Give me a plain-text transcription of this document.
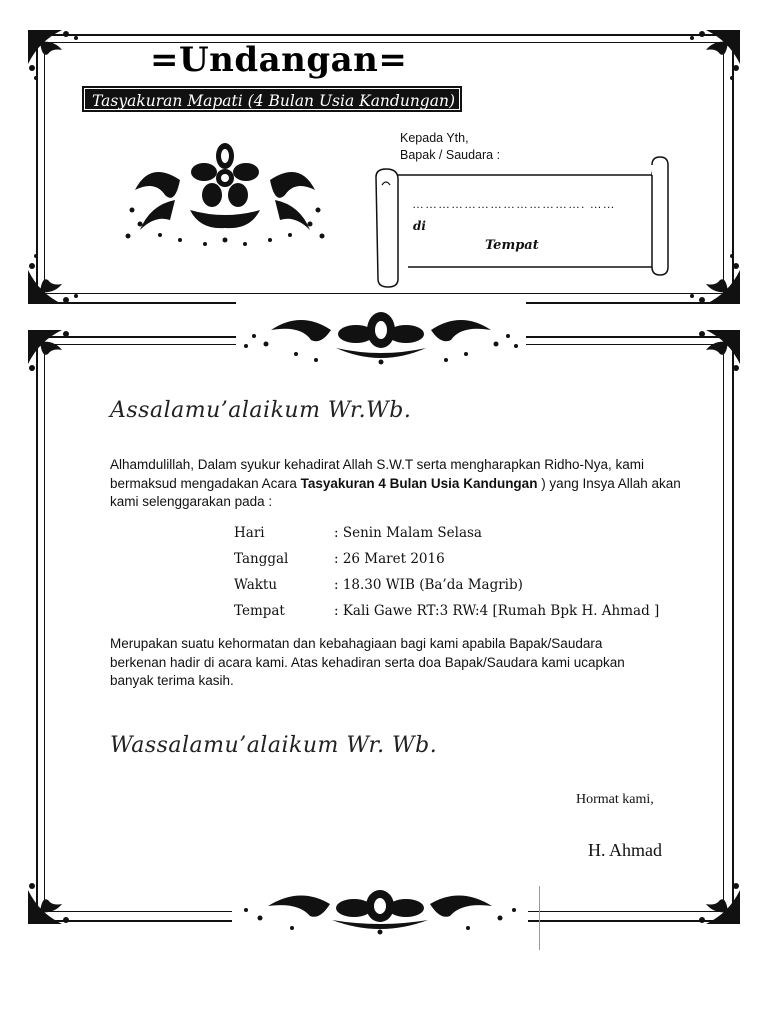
=Undangan=
Tasyakuran Mapati (4 Bulan Usia Kandungan)
Kepada Yth,
Bapak / Saudara :
…………………………………. ……
di
Tempat
Assalamu’alaikum Wr.Wb.
Alhamdulillah, Dalam syukur kehadirat Allah S.W.T serta mengharapkan Ridho-Nya, kami bermaksud mengadakan Acara Tasyakuran 4 Bulan Usia Kandungan ) yang Insya Allah akan kami selenggarakan pada :
Hari	: Senin Malam Selasa
Tanggal	: 26 Maret 2016
Waktu	: 18.30 WIB (Ba’da Magrib)
Tempat	: Kali Gawe RT:3 RW:4 [Rumah Bpk H. Ahmad ]
Merupakan suatu kehormatan dan kebahagiaan bagi kami apabila Bapak/Saudara berkenan hadir di acara kami. Atas kehadiran serta doa Bapak/Saudara kami ucapkan banyak terima kasih.
Wassalamu’alaikum Wr. Wb.
Hormat kami,
H. Ahmad
